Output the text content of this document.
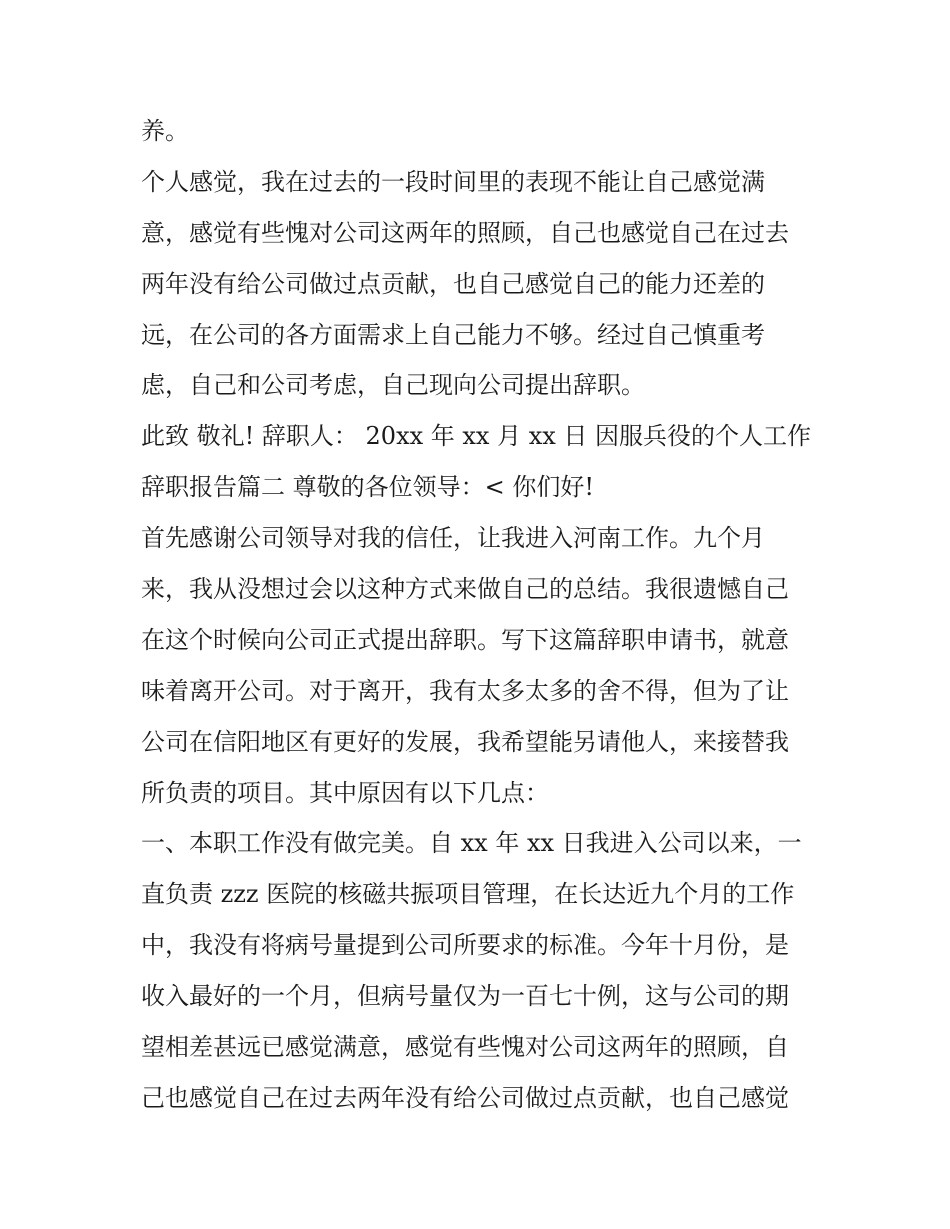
养。
个人感觉，我在过去的一段时间里的表现不能让自己感觉满
意，感觉有些愧对公司这两年的照顾，自己也感觉自己在过去
两年没有给公司做过点贡献，也自己感觉自己的能力还差的
远，在公司的各方面需求上自己能力不够。经过自己慎重考
虑，自己和公司考虑，自己现向公司提出辞职。
此致 敬礼! 辞职人： 20xx 年 xx 月 xx 日 因服兵役的个人工作
辞职报告篇二 尊敬的各位领导：< 你们好!
首先感谢公司领导对我的信任，让我进入河南工作。九个月
来，我从没想过会以这种方式来做自己的总结。我很遗憾自己
在这个时候向公司正式提出辞职。写下这篇辞职申请书，就意
味着离开公司。对于离开，我有太多太多的舍不得，但为了让
公司在信阳地区有更好的发展，我希望能另请他人，来接替我
所负责的项目。其中原因有以下几点：
一、本职工作没有做完美。自 xx 年 xx 日我进入公司以来，一
直负责 zzz 医院的核磁共振项目管理，在长达近九个月的工作
中，我没有将病号量提到公司所要求的标准。今年十月份，是
收入最好的一个月，但病号量仅为一百七十例，这与公司的期
望相差甚远已感觉满意，感觉有些愧对公司这两年的照顾，自
己也感觉自己在过去两年没有给公司做过点贡献，也自己感觉
